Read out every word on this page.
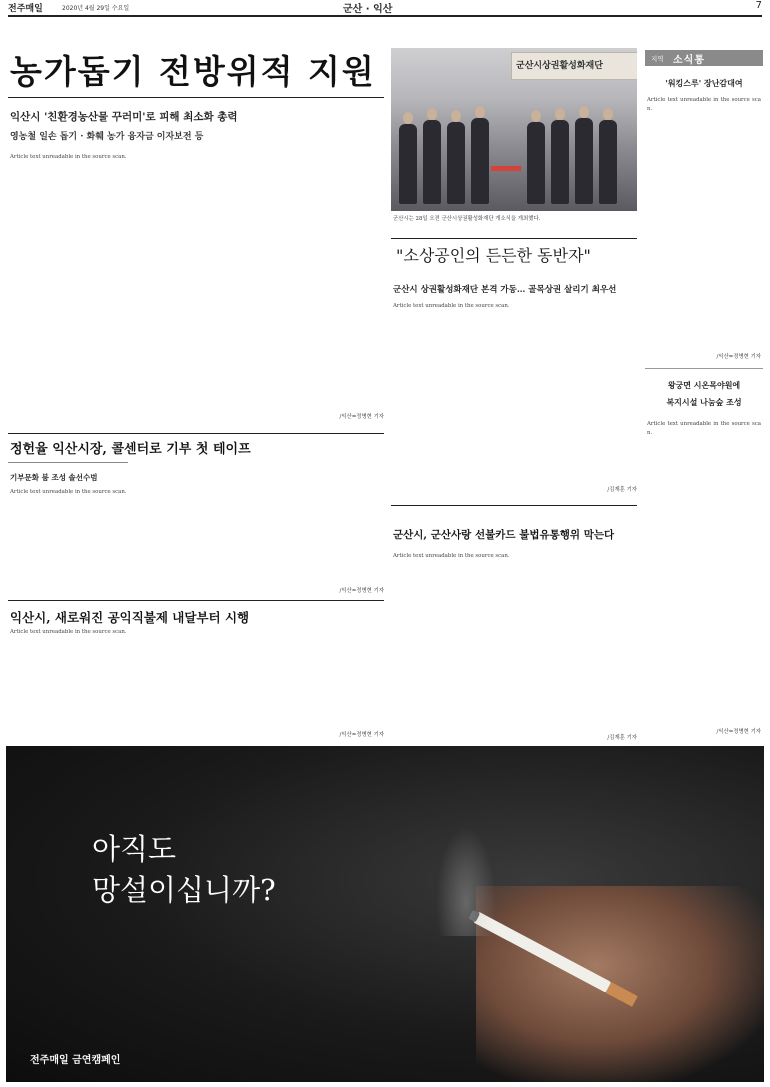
전주매일	2020년 4월 29일 수요일	군산 · 익산	7
농가돕기 전방위적 지원
익산시 '친환경농산물 꾸러미'로 피해 최소화 총력
영농철 일손 돕기 · 화훼 농가 융자금 이자보전 등
Article text unreadable in the source scan.
/익산=정병현 기자
군산시상권활성화재단
군산시는 28일 오전 군산시상권활성화재단 개소식을 개최했다.
"소상공인의 든든한 동반자"
군산시 상권활성화재단 본격 가동… 골목상권 살리기 최우선
Article text unreadable in the source scan.
/김재훈 기자
지역 소식통
'워킹스루' 장난감대여
Article text unreadable in the source scan.
/익산=정병현 기자
왕궁면 시온목야원에
복지시설 나눔숲 조성
Article text unreadable in the source scan.
/익산=정병현 기자
정헌율 익산시장, 콜센터로 기부 첫 테이프
기부문화 붐 조성 솔선수범
Article text unreadable in the source scan.
/익산=정병현 기자
군산시, 군산사랑 선불카드 불법유통행위 막는다
Article text unreadable in the source scan.
/김재훈 기자
익산시, 새로워진 공익직불제 내달부터 시행
Article text unreadable in the source scan.
/익산=정병현 기자
아직도
망설이십니까?
전주매일 금연캠페인
